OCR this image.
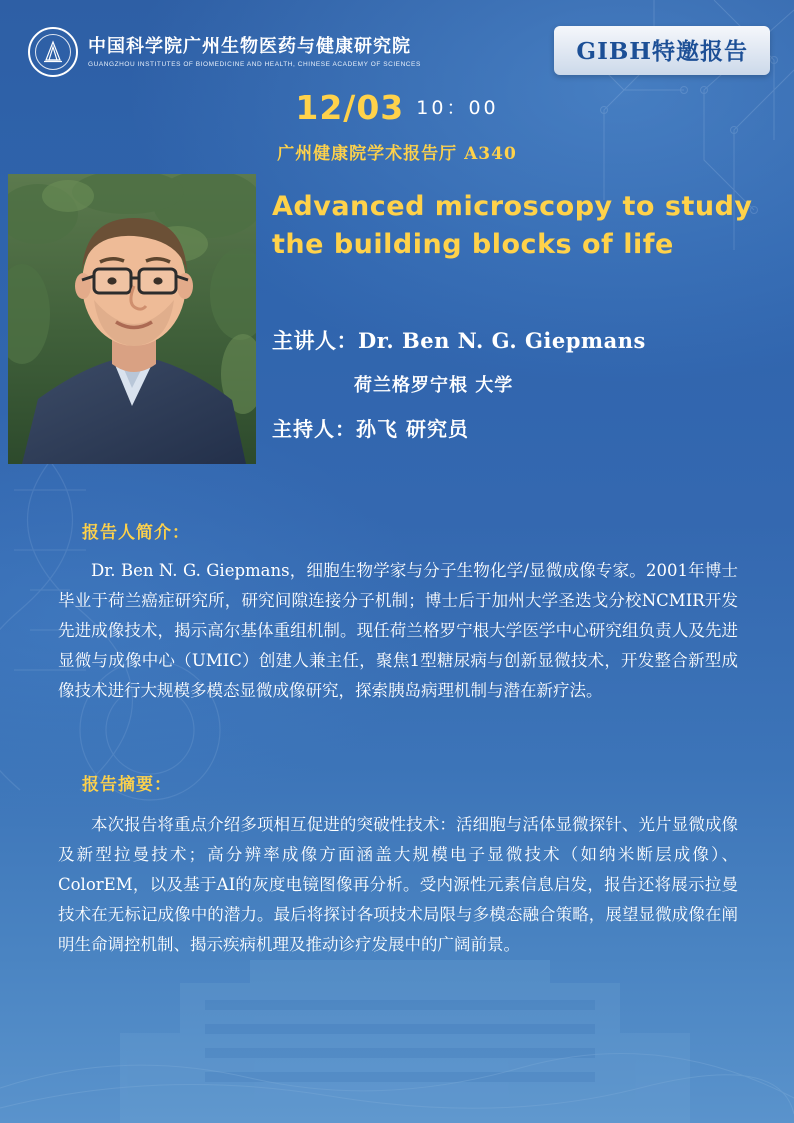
中国科学院广州生物医药与健康研究院
GUANGZHOU INSTITUTES OF BIOMEDICINE AND HEALTH, CHINESE ACADEMY OF SCIENCES	GIBH特邀报告
12/03 10：00
广州健康院学术报告厅 A340
Advanced microscopy to study the building blocks of life
主讲人：Dr. Ben N. G. Giepmans
荷兰格罗宁根 大学
主持人：孙飞 研究员
报告人简介：
Dr. Ben N. G. Giepmans，细胞生物学家与分子生物化学/显微成像专家。2001年博士毕业于荷兰癌症研究所，研究间隙连接分子机制；博士后于加州大学圣迭戈分校NCMIR开发先进成像技术，揭示高尔基体重组机制。现任荷兰格罗宁根大学医学中心研究组负责人及先进显微与成像中心（UMIC）创建人兼主任，聚焦1型糖尿病与创新显微技术，开发整合新型成像技术进行大规模多模态显微成像研究，探索胰岛病理机制与潜在新疗法。
报告摘要：
本次报告将重点介绍多项相互促进的突破性技术：活细胞与活体显微探针、光片显微成像及新型拉曼技术；高分辨率成像方面涵盖大规模电子显微技术（如纳米断层成像）、ColorEM，以及基于AI的灰度电镜图像再分析。受内源性元素信息启发，报告还将展示拉曼技术在无标记成像中的潜力。最后将探讨各项技术局限与多模态融合策略，展望显微成像在阐明生命调控机制、揭示疾病机理及推动诊疗发展中的广阔前景。
